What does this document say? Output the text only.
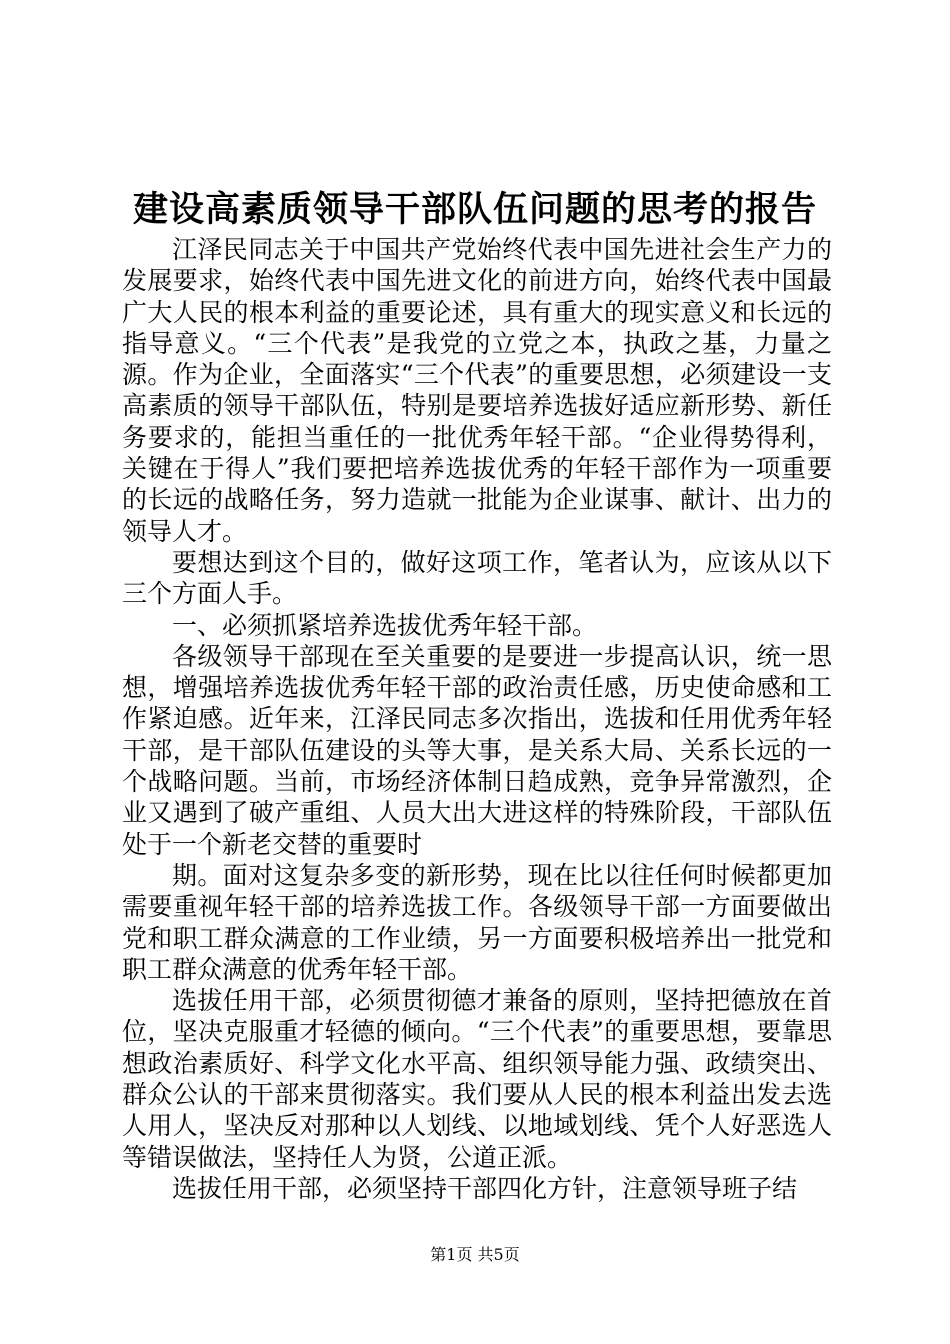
建设高素质领导干部队伍问题的思考的报告

江泽民同志关于中国共产党始终代表中国先进社会生产力的发展要求，始终代表中国先进文化的前进方向，始终代表中国最广大人民的根本利益的重要论述，具有重大的现实意义和长远的指导意义。“三个代表”是我党的立党之本，执政之基，力量之源。作为企业，全面落实“三个代表”的重要思想，必须建设一支高素质的领导干部队伍，特别是要培养选拔好适应新形势、新任务要求的，能担当重任的一批优秀年轻干部。“企业得势得利，关键在于得人”我们要把培养选拔优秀的年轻干部作为一项重要的长远的战略任务，努力造就一批能为企业谋事、献计、出力的领导人才。

要想达到这个目的，做好这项工作，笔者认为，应该从以下三个方面人手。

一、必须抓紧培养选拔优秀年轻干部。

各级领导干部现在至关重要的是要进一步提高认识，统一思想，增强培养选拔优秀年轻干部的政治责任感，历史使命感和工作紧迫感。近年来，江泽民同志多次指出，选拔和任用优秀年轻干部，是干部队伍建设的头等大事，是关系大局、关系长远的一个战略问题。当前，市场经济体制日趋成熟，竞争异常激烈，企业又遇到了破产重组、人员大出大进这样的特殊阶段，干部队伍处于一个新老交替的重要时

期。面对这复杂多变的新形势，现在比以往任何时候都更加需要重视年轻干部的培养选拔工作。各级领导干部一方面要做出党和职工群众满意的工作业绩，另一方面要积极培养出一批党和职工群众满意的优秀年轻干部。

选拔任用干部，必须贯彻德才兼备的原则，坚持把德放在首位，坚决克服重才轻德的倾向。“三个代表”的重要思想，要靠思想政治素质好、科学文化水平高、组织领导能力强、政绩突出、群众公认的干部来贯彻落实。我们要从人民的根本利益出发去选人用人，坚决反对那种以人划线、以地域划线、凭个人好恶选人等错误做法，坚持任人为贤，公道正派。

选拔任用干部，必须坚持干部四化方针，注意领导班子结

第1页 共5页
